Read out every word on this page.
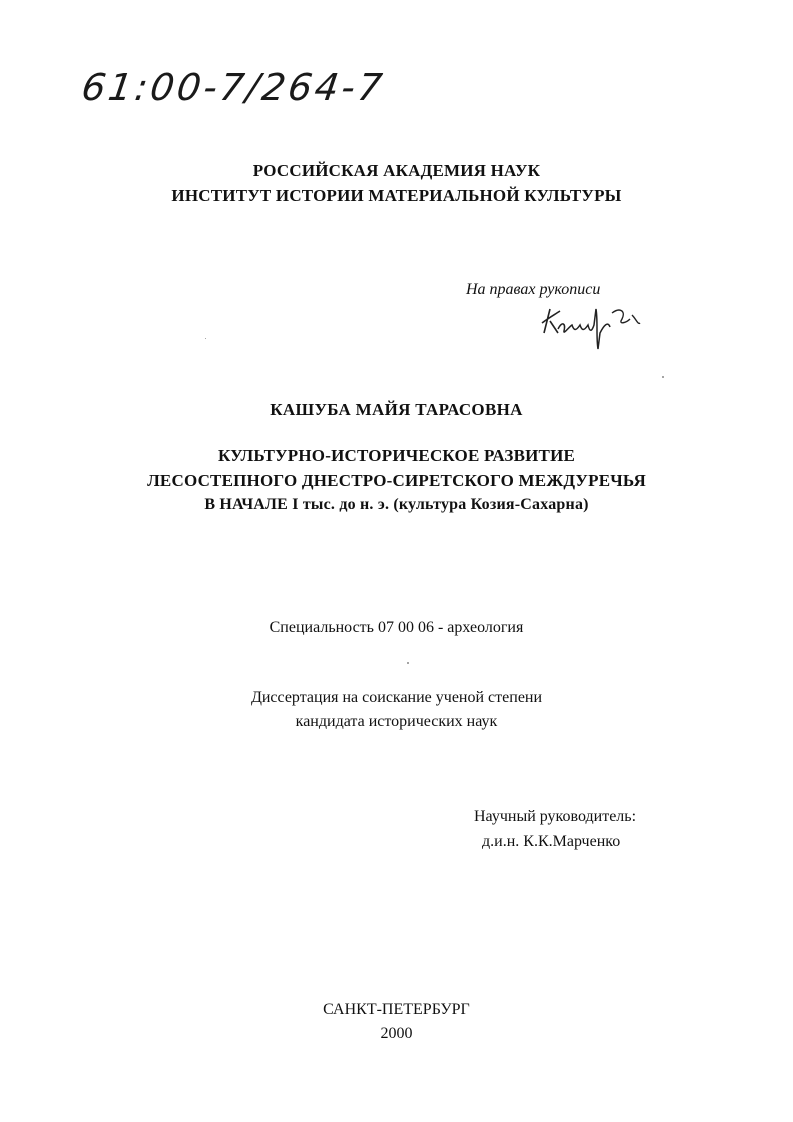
61:00-7/264-7
РОССИЙСКАЯ АКАДЕМИЯ НАУК
ИНСТИТУТ ИСТОРИИ МАТЕРИАЛЬНОЙ КУЛЬТУРЫ
На правах рукописи
КАШУБА МАЙЯ ТАРАСОВНА
КУЛЬТУРНО-ИСТОРИЧЕСКОЕ РАЗВИТИЕ
ЛЕСОСТЕПНОГО ДНЕСТРО-СИРЕТСКОГО МЕЖДУРЕЧЬЯ
В НАЧАЛЕ I тыс. до н. э. (культура Козия-Сахарна)
Специальность 07 00 06 - археология
Диссертация на соискание ученой степени
кандидата исторических наук
Научный руководитель:
д.и.н. К.К.Марченко
САНКТ-ПЕТЕРБУРГ
2000
